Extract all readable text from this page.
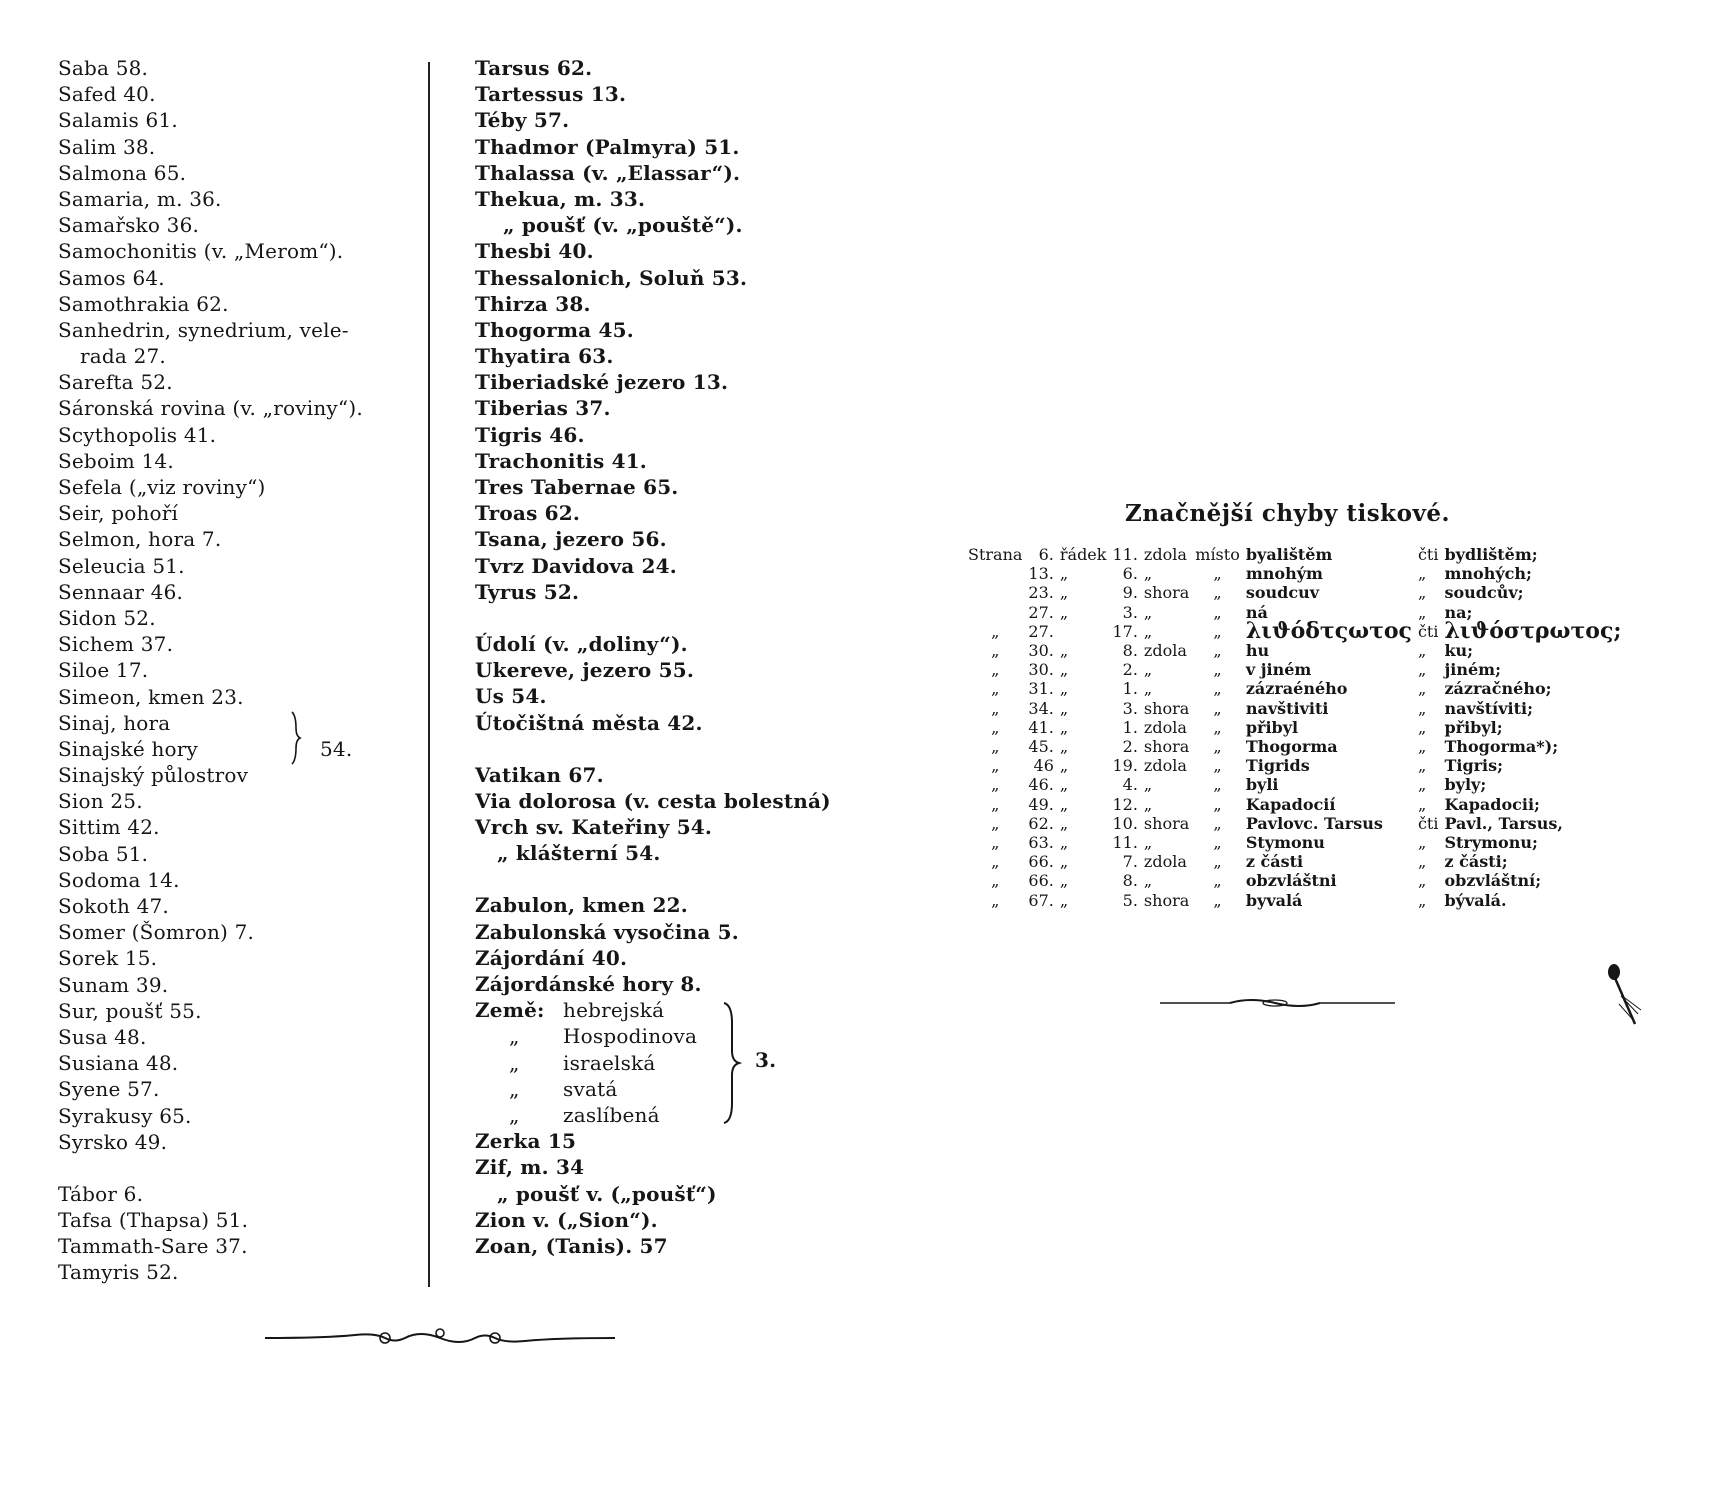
Saba 58.
Safed 40.
Salamis 61.
Salim 38.
Salmona 65.
Samaria, m. 36.
Samařsko 36.
Samochonitis (v. „Merom“).
Samos 64.
Samothrakia 62.
Sanhedrin, synedrium, vele-
rada 27.
Sarefta 52.
Sáronská rovina (v. „roviny“).
Scythopolis 41.
Seboim 14.
Sefela („viz roviny“)
Seir, pohoří
Selmon, hora 7.
Seleucia 51.
Sennaar 46.
Sidon 52.
Sichem 37.
Siloe 17.
Simeon, kmen 23.
Sinaj, hora
Sinajské hory	54.
Sinajský půlostrov
Sion 25.
Sittim 42.
Soba 51.
Sodoma 14.
Sokoth 47.
Somer (Šomron) 7.
Sorek 15.
Sunam 39.
Sur, poušť 55.
Susa 48.
Susiana 48.
Syene 57.
Syrakusy 65.
Syrsko 49.
Tábor 6.
Tafsa (Thapsa) 51.
Tammath-Sare 37.
Tamyris 52.
Tarsus 62.
Tartessus 13.
Téby 57.
Thadmor (Palmyra) 51.
Thalassa (v. „Elassar“).
Thekua, m. 33.
„ poušť (v. „pouště“).
Thesbi 40.
Thessalonich, Soluň 53.
Thirza 38.
Thogorma 45.
Thyatira 63.
Tiberiadské jezero 13.
Tiberias 37.
Tigris 46.
Trachonitis 41.
Tres Tabernae 65.
Troas 62.
Tsana, jezero 56.
Tvrz Davidova 24.
Tyrus 52.
Údolí (v. „doliny“).
Ukereve, jezero 55.
Us 54.
Útočištná města 42.
Vatikan 67.
Via dolorosa (v. cesta bolestná)
Vrch sv. Kateřiny 54.
„ klášterní 54.
Zabulon, kmen 22.
Zabulonská vysočina 5.
Zájordání 40.
Zájordánské hory 8.
Země: hebrejská
„ Hospodinova
„ israelská
„ svatá
„ zaslíbená
3.
Zerka 15
Zif, m. 34
„ poušť v. („poušť“)
Zion v. („Sion“).
Zoan, (Tanis). 57
Značnější chyby tiskové.
Strana	6.	řádek	11.	zdola	místo	byalištěm	čti	bydlištěm;
	13.	„	6.	„	„	mnohým	„	mnohých;
	23.	„	9.	shora	„	soudcuv	„	soudcův;
	27.	„	3.	„	„	ná	„	na;
„	27.		17.	„	„	λιϑόδτςωτος	čti	λιϑόστρωτος;
„	30.	„	8.	zdola	„	hu	„	ku;
„	30.	„	2.	„	„	v jiném	„	jiném;
„	31.	„	1.	„	„	zázraéného	„	zázračného;
„	34.	„	3.	shora	„	navštiviti	„	navštíviti;
„	41.	„	1.	zdola	„	přibyl	„	přibyl;
„	45.	„	2.	shora	„	Thogorma	„	Thogorma*);
„	46	„	19.	zdola	„	Tigrids	„	Tigris;
„	46.	„	4.	„	„	byli	„	byly;
„	49.	„	12.	„	„	Kapadocií	„	Kapadocii;
„	62.	„	10.	shora	„	Pavlovc. Tarsus	čti	Pavl., Tarsus,
„	63.	„	11.	„	„	Stymonu	„	Strymonu;
„	66.	„	7.	zdola	„	z části	„	z části;
„	66.	„	8.	„	„	obzvláštni	„	obzvláštní;
„	67.	„	5.	shora	„	byvalá	„	bývalá.
